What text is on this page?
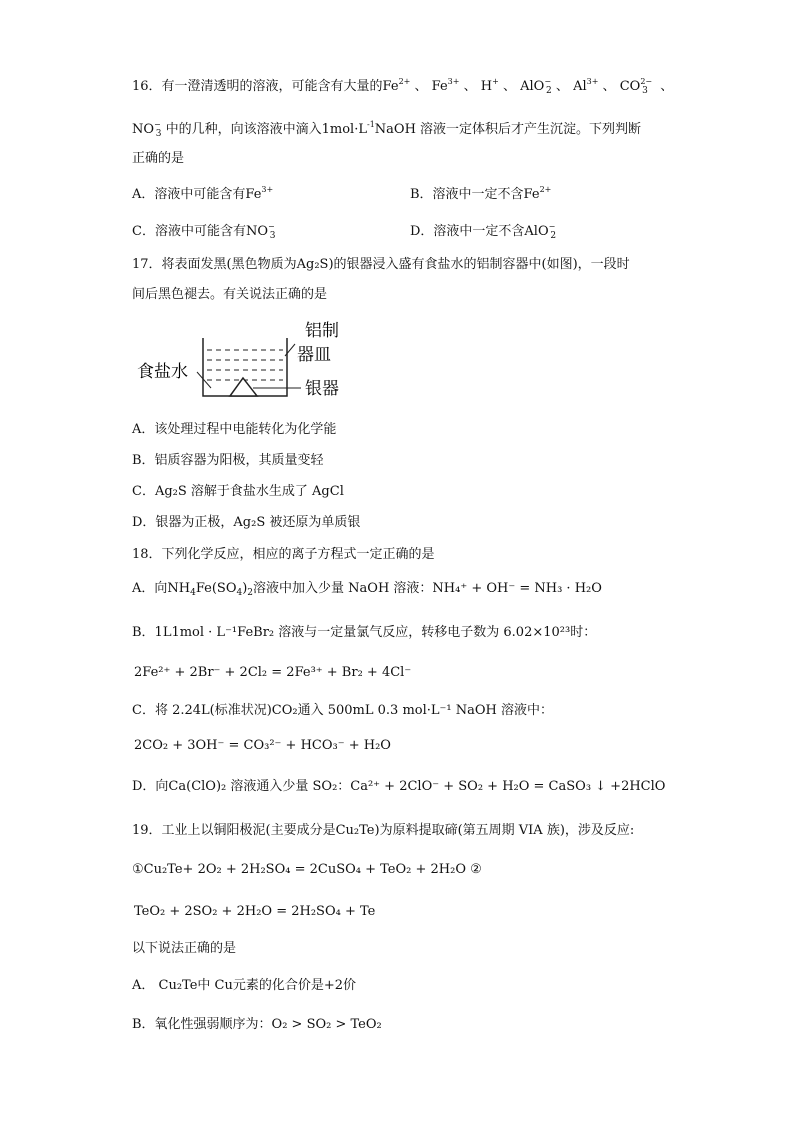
16．有一澄清透明的溶液，可能含有大量的$Fe^{2+}$ 、 $Fe^{3+}$ 、 H+ 、 AlO−$_2$ 、 $Al^{3+}$ 、 $CO^{2-}_3$   、
$NO^-_3$ 中的几种，向该溶液中滴入$1mol\cdot L^{-1}NaOH$ 溶液一定体积后才产生沉淀。下列判断
正确的是
A．溶液中可能含有$Fe^{3+}$	B．溶液中一定不含$Fe^{2+}$
C．溶液中可能含有$NO^-_3$	D．溶液中一定不含AlO−$_2$
17．将表面发黑(黑色物质为Ag₂S)的银器浸入盛有食盐水的铝制容器中(如图)，一段时
间后黑色褪去。有关说法正确的是
食盐水
铝制
器皿
银器
A．该处理过程中电能转化为化学能
B．铝质容器为阳极，其质量变轻
C．Ag₂S 溶解于食盐水生成了 AgCl
D．银器为正极，Ag₂S 被还原为单质银
18．下列化学反应，相应的离子方程式一定正确的是
A．向$NH_4Fe(SO_4)_2$溶液中加入少量 NaOH 溶液：NH₄⁺ + OH⁻ = NH₃ · H₂O
B．1L1mol · L⁻¹FeBr₂ 溶液与一定量氯气反应，转移电子数为 6.02×10²³时：
2Fe²⁺ + 2Br⁻ + 2Cl₂ = 2Fe³⁺ + Br₂ + 4Cl⁻
C．将 2.24L(标准状况)CO₂通入 500mL 0.3 mol·L⁻¹ NaOH 溶液中：
2CO₂ + 3OH⁻ = CO₃²⁻ + HCO₃⁻ + H₂O
D．向Ca(ClO)₂ 溶液通入少量 SO₂：Ca²⁺ + 2ClO⁻ + SO₂ + H₂O = CaSO₃ ↓ +2HClO
19．工业上以铜阳极泥(主要成分是Cu₂Te)为原料提取碲(第五周期 VIA 族)，涉及反应:
①Cu₂Te+ 2O₂ + 2H₂SO₄ = 2CuSO₄ + TeO₂ + 2H₂O ②
TeO₂ + 2SO₂ + 2H₂O = 2H₂SO₄ + Te
以下说法正确的是
A． Cu₂Te中 Cu元素的化合价是+2价
B．氧化性强弱顺序为：O₂ > SO₂ > TeO₂
